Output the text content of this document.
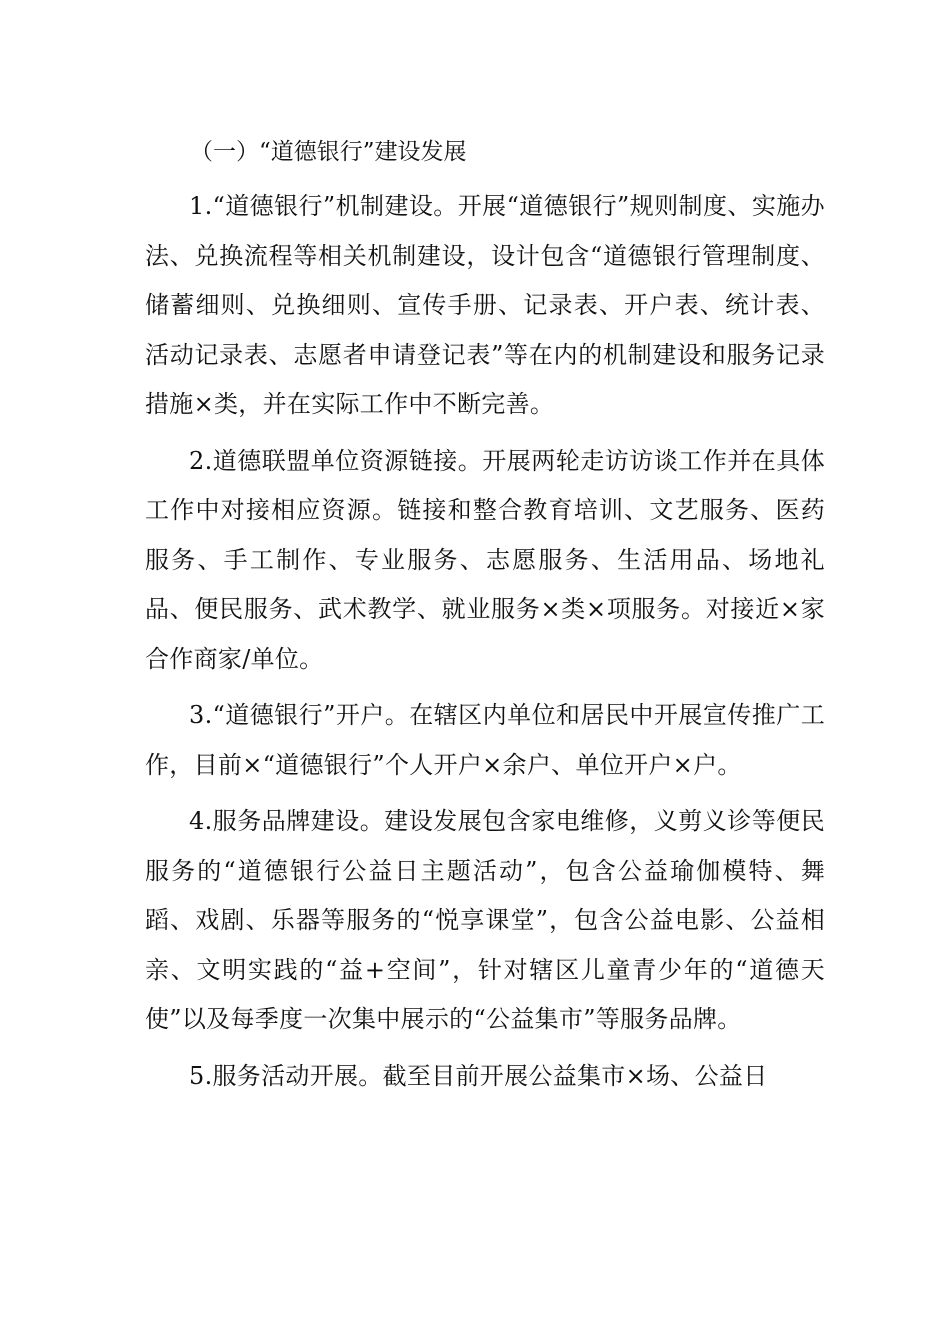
（一）“道德银行”建设发展

1.“道德银行”机制建设。开展“道德银行”规则制度、实施办法、兑换流程等相关机制建设，设计包含“道德银行管理制度、储蓄细则、兑换细则、宣传手册、记录表、开户表、统计表、活动记录表、志愿者申请登记表”等在内的机制建设和服务记录措施×类，并在实际工作中不断完善。

2.道德联盟单位资源链接。开展两轮走访访谈工作并在具体工作中对接相应资源。链接和整合教育培训、文艺服务、医药服务、手工制作、专业服务、志愿服务、生活用品、场地礼品、便民服务、武术教学、就业服务×类×项服务。对接近×家合作商家/单位。

3.“道德银行”开户。在辖区内单位和居民中开展宣传推广工作，目前×“道德银行”个人开户×余户、单位开户×户。

4.服务品牌建设。建设发展包含家电维修，义剪义诊等便民服务的“道德银行公益日主题活动”，包含公益瑜伽模特、舞蹈、戏剧、乐器等服务的“悦享课堂”，包含公益电影、公益相亲、文明实践的“益+空间”，针对辖区儿童青少年的“道德天使”以及每季度一次集中展示的“公益集市”等服务品牌。

5.服务活动开展。截至目前开展公益集市×场、公益日
